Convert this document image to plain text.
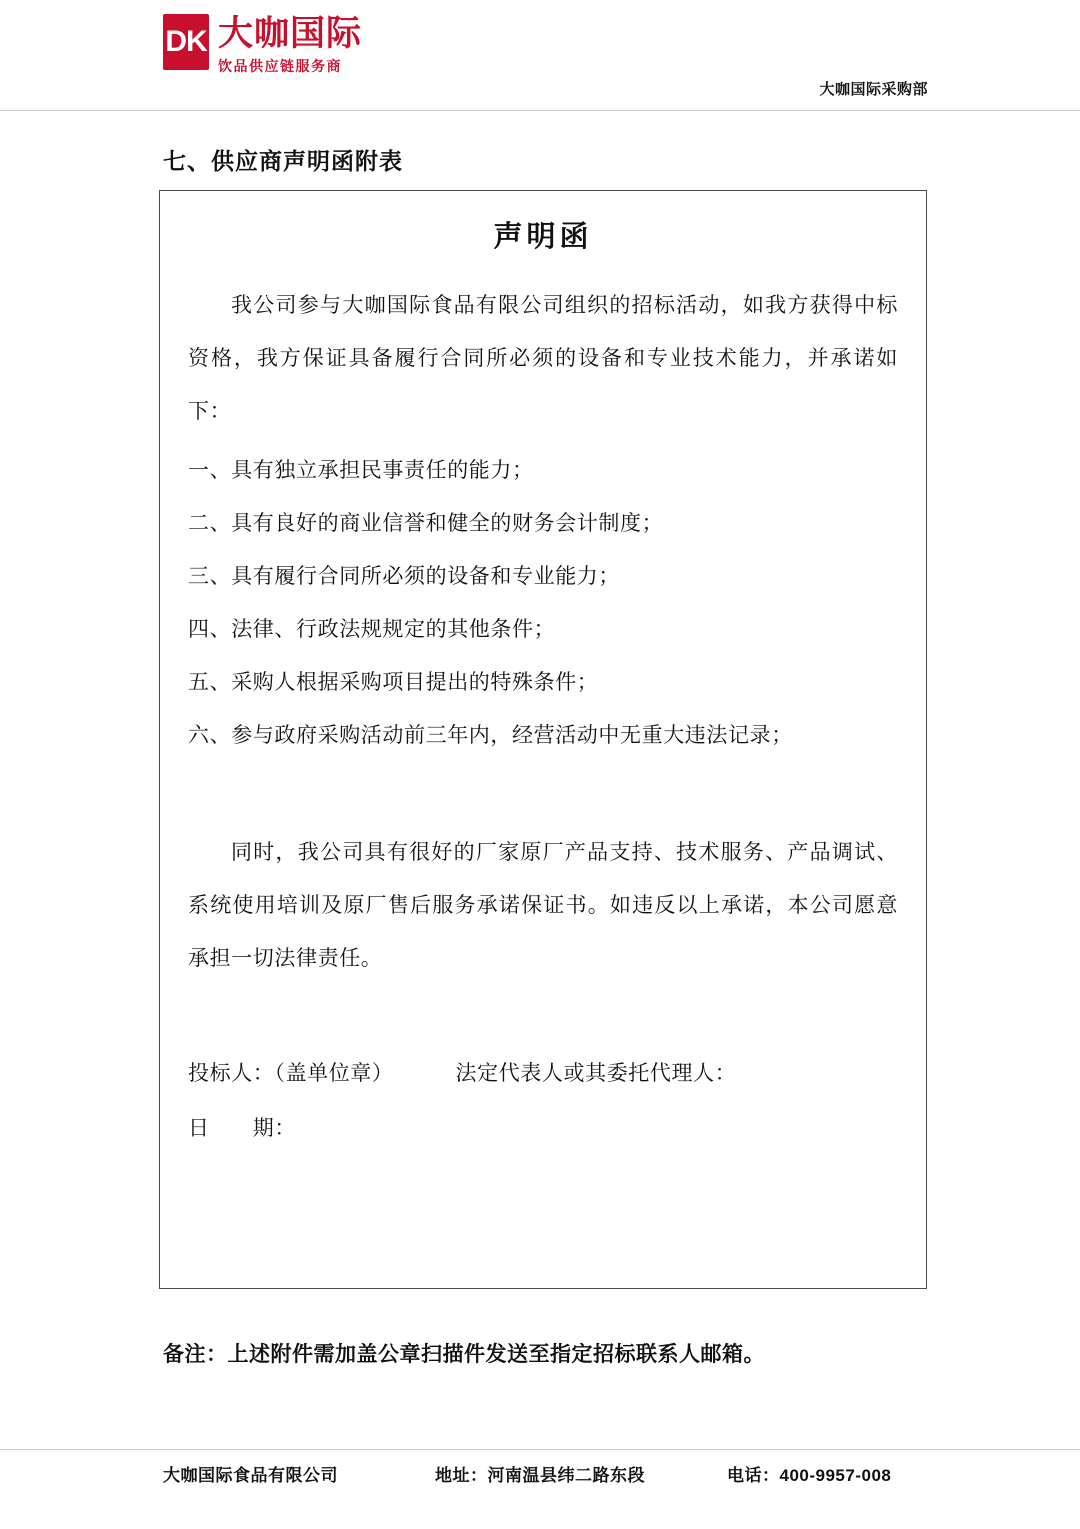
DK 大咖国际
饮品供应链服务商
大咖国际采购部
七、供应商声明函附表
声明函

我公司参与大咖国际食品有限公司组织的招标活动，如我方获得中标资格，我方保证具备履行合同所必须的设备和专业技术能力，并承诺如下：

一、具有独立承担民事责任的能力；

二、具有良好的商业信誉和健全的财务会计制度；

三、具有履行合同所必须的设备和专业能力；

四、法律、行政法规规定的其他条件；

五、采购人根据采购项目提出的特殊条件；

六、参与政府采购活动前三年内，经营活动中无重大违法记录；

同时，我公司具有很好的厂家原厂产品支持、技术服务、产品调试、系统使用培训及原厂售后服务承诺保证书。如违反以上承诺，本公司愿意承担一切法律责任。

投标人：（盖单位章）	法定代表人或其委托代理人：
日　　期：
备注：上述附件需加盖公章扫描件发送至指定招标联系人邮箱。
大咖国际食品有限公司	地址：河南温县纬二路东段	电话：400-9957-008
